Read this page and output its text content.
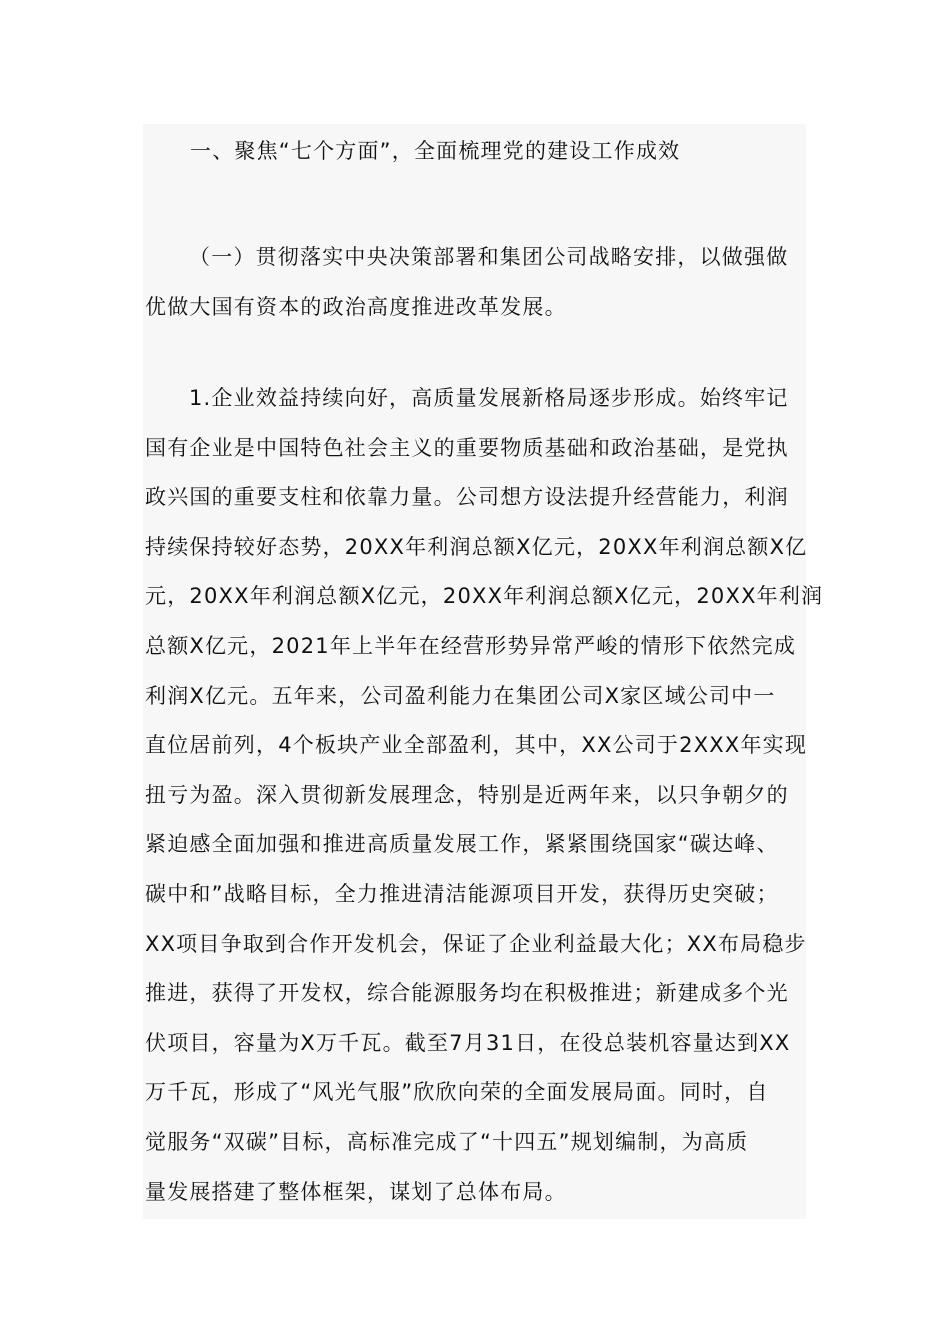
一、聚焦“七个方面”，全面梳理党的建设工作成效
（一）贯彻落实中央决策部署和集团公司战略安排，以做强做
优做大国有资本的政治高度推进改革发展。
1.企业效益持续向好，高质量发展新格局逐步形成。始终牢记
国有企业是中国特色社会主义的重要物质基础和政治基础，是党执
政兴国的重要支柱和依靠力量。公司想方设法提升经营能力，利润
持续保持较好态势，20XX年利润总额X亿元，20XX年利润总额X亿
元，20XX年利润总额X亿元，20XX年利润总额X亿元，20XX年利润
总额X亿元，2021年上半年在经营形势异常严峻的情形下依然完成
利润X亿元。五年来，公司盈利能力在集团公司X家区域公司中一
直位居前列，4个板块产业全部盈利，其中，XX公司于2XXX年实现
扭亏为盈。深入贯彻新发展理念，特别是近两年来，以只争朝夕的
紧迫感全面加强和推进高质量发展工作，紧紧围绕国家“碳达峰、
碳中和”战略目标，全力推进清洁能源项目开发，获得历史突破；
XX项目争取到合作开发机会，保证了企业利益最大化；XX布局稳步
推进，获得了开发权，综合能源服务均在积极推进；新建成多个光
伏项目，容量为X万千瓦。截至7月31日，在役总装机容量达到XX
万千瓦，形成了“风光气服”欣欣向荣的全面发展局面。同时，自
觉服务“双碳”目标，高标准完成了“十四五”规划编制，为高质
量发展搭建了整体框架，谋划了总体布局。
